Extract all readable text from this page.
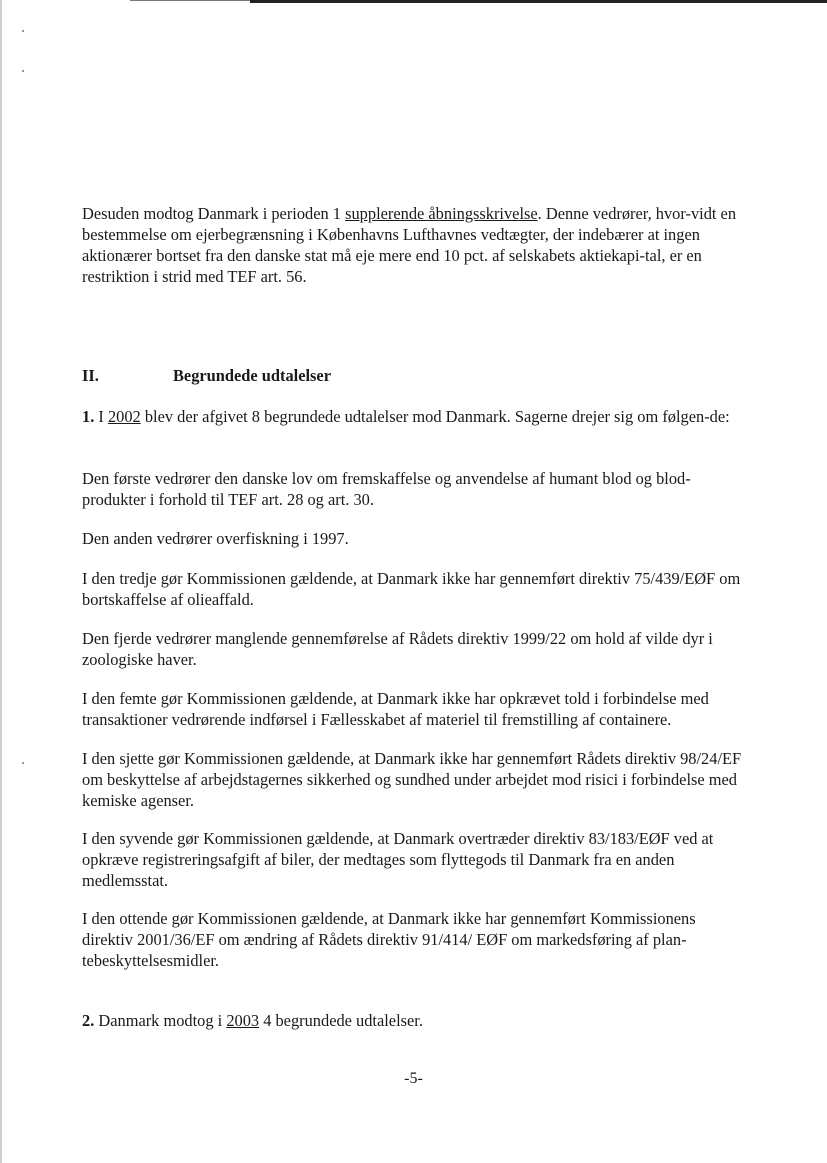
Desuden modtog Danmark i perioden 1 supplerende åbningsskrivelse. Denne vedrører, hvor-vidt en bestemmelse om ejerbegrænsning i Københavns Lufthavnes vedtægter, der indebærer at ingen aktionærer bortset fra den danske stat må eje mere end 10 pct. af selskabets aktiekapi-tal, er en restriktion i strid med TEF art. 56.

II.	Begrundede udtalelser

1. I 2002 blev der afgivet 8 begrundede udtalelser mod Danmark. Sagerne drejer sig om følgen-de:

Den første vedrører den danske lov om fremskaffelse og anvendelse af humant blod og blod-produkter i forhold til TEF art. 28 og art. 30.

Den anden vedrører overfiskning i 1997.

I den tredje gør Kommissionen gældende, at Danmark ikke har gennemført direktiv 75/439/EØF om bortskaffelse af olieaffald.

Den fjerde vedrører manglende gennemførelse af Rådets direktiv 1999/22 om hold af vilde dyr i zoologiske haver.

I den femte gør Kommissionen gældende, at Danmark ikke har opkrævet told i forbindelse med transaktioner vedrørende indførsel i Fællesskabet af materiel til fremstilling af containere.

I den sjette gør Kommissionen gældende, at Danmark ikke har gennemført Rådets direktiv 98/24/EF om beskyttelse af arbejdstagernes sikkerhed og sundhed under arbejdet mod risici i forbindelse med kemiske agenser.

I den syvende gør Kommissionen gældende, at Danmark overtræder direktiv 83/183/EØF ved at opkræve registreringsafgift af biler, der medtages som flyttegods til Danmark fra en anden medlemsstat.

I den ottende gør Kommissionen gældende, at Danmark ikke har gennemført Kommissionens direktiv 2001/36/EF om ændring af Rådets direktiv 91/414/ EØF om markedsføring af plan-tebeskyttelsesmidler.

2. Danmark modtog i 2003 4 begrundede udtalelser.

-5-
